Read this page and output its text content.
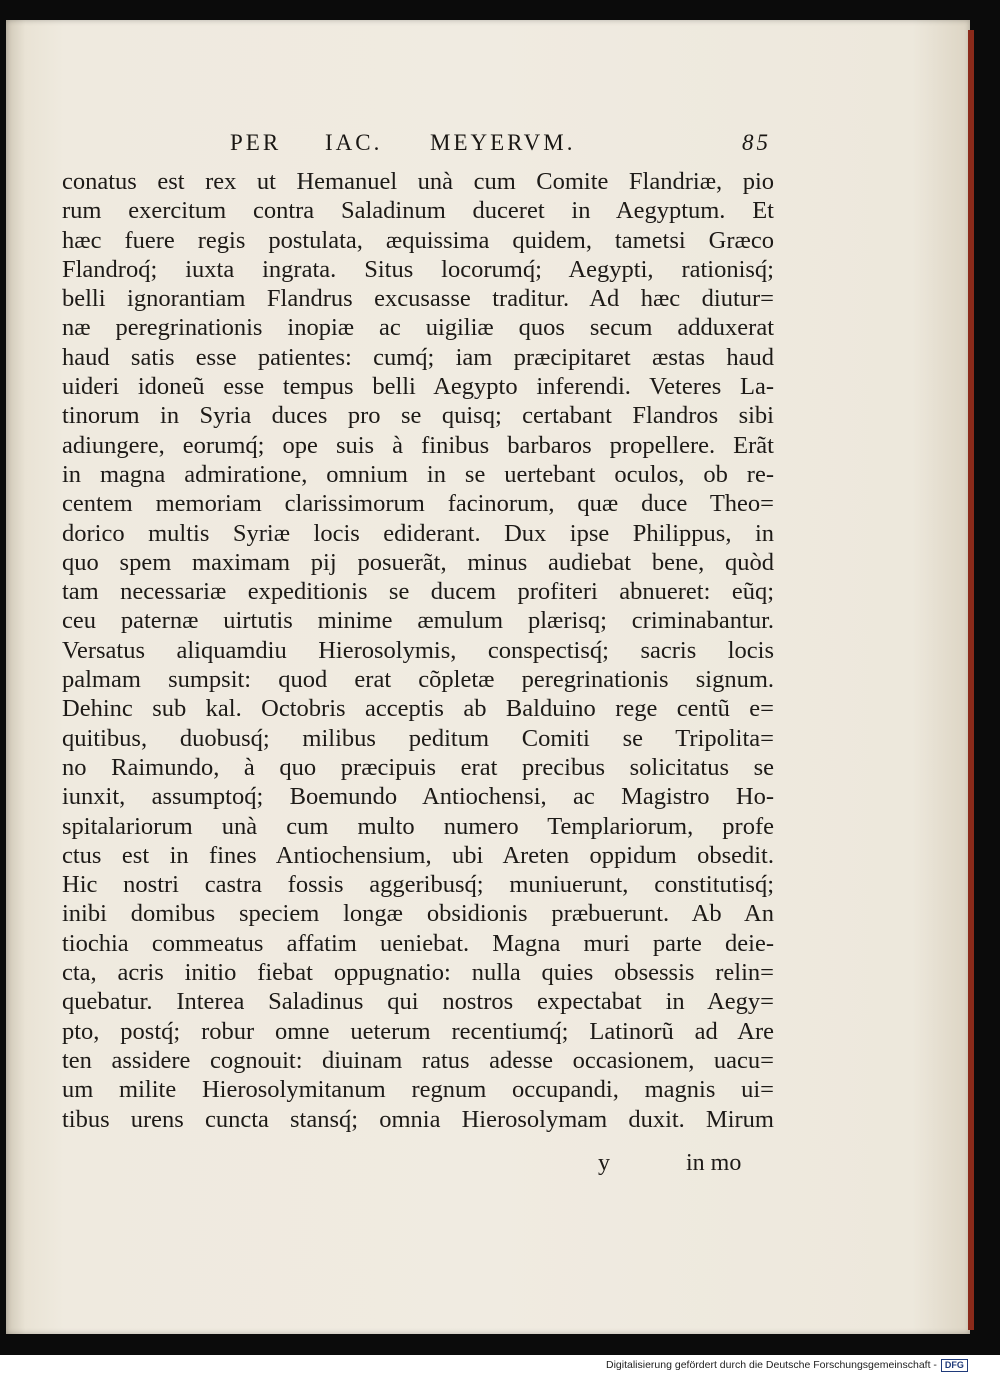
PER IAC. MEYERVM.	85
conatus est rex ut Hemanuel unà cum Comite Flandriæ, pio
rum exercitum contra Saladinum duceret in Aegyptum. Et
hæc fuere regis postulata, æquissima quidem, tametsi Græco
Flandroq́; iuxta ingrata. Situs locorumq́; Aegypti, rationisq́;
belli ignorantiam Flandrus excusasse traditur. Ad hæc diutur=
næ peregrinationis inopiæ ac uigiliæ quos secum adduxerat
haud satis esse patientes: cumq́; iam præcipitaret æstas haud
uideri idoneũ esse tempus belli Aegypto inferendi. Veteres La-
tinorum in Syria duces pro se quisq; certabant Flandros sibi
adiungere, eorumq́; ope suis à finibus barbaros propellere. Erãt
in magna admiratione, omnium in se uertebant oculos, ob re-
centem memoriam clarissimorum facinorum, quæ duce Theo=
dorico multis Syriæ locis ediderant. Dux ipse Philippus, in
quo spem maximam pij posuerãt, minus audiebat bene, quòd
tam necessariæ expeditionis se ducem profiteri abnueret: eũq;
ceu paternæ uirtutis minime æmulum plærisq; criminabantur.
Versatus aliquamdiu Hierosolymis, conspectisq́; sacris locis
palmam sumpsit: quod erat cõpletæ peregrinationis signum.
Dehinc sub kal. Octobris acceptis ab Balduino rege centũ e=
quitibus, duobusq́; milibus peditum Comiti se Tripolita=
no Raimundo, à quo præcipuis erat precibus solicitatus se
iunxit, assumptoq́; Boemundo Antiochensi, ac Magistro Ho-
spitalariorum unà cum multo numero Templariorum, profe
ctus est in fines Antiochensium, ubi Areten oppidum obsedit.
Hic nostri castra fossis aggeribusq́; muniuerunt, constitutisq́;
inibi domibus speciem longæ obsidionis præbuerunt. Ab An
tiochia commeatus affatim ueniebat. Magna muri parte deie-
cta, acris initio fiebat oppugnatio: nulla quies obsessis relin=
quebatur. Interea Saladinus qui nostros expectabat in Aegy=
pto, postq́; robur omne ueterum recentiumq́; Latinorũ ad Are
ten assidere cognouit: diuinam ratus adesse occasionem, uacu=
um milite Hierosolymitanum regnum occupandi, magnis ui=
tibus urens cuncta stansq́; omnia Hierosolymam duxit. Mirum
y	in mo
Digitalisierung gefördert durch die Deutsche Forschungsgemeinschaft - DFG
